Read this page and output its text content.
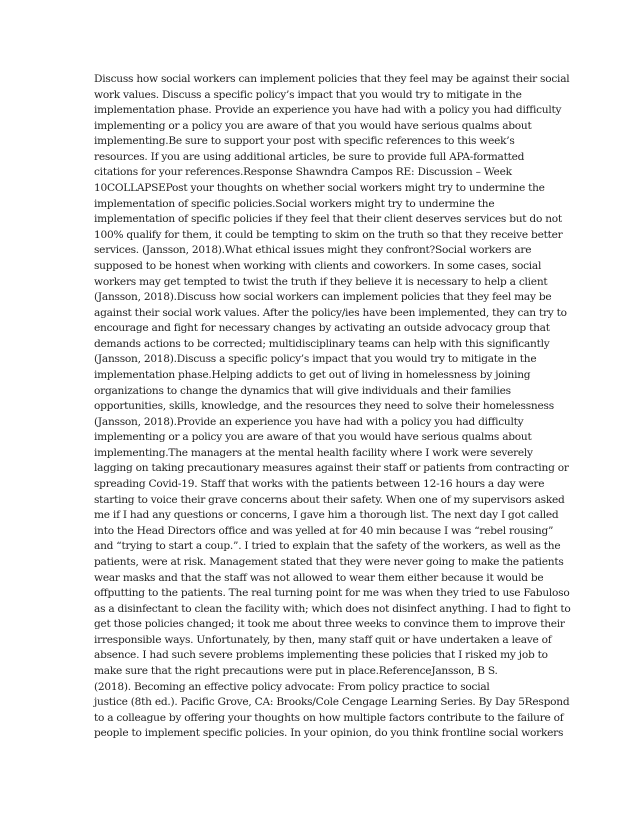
Discuss how social workers can implement policies that they feel may be against their social
work values. Discuss a specific policy’s impact that you would try to mitigate in the
implementation phase. Provide an experience you have had with a policy you had difficulty
implementing or a policy you are aware of that you would have serious qualms about
implementing.Be sure to support your post with specific references to this week’s
resources. If you are using additional articles, be sure to provide full APA-formatted
citations for your references.Response Shawndra Campos RE: Discussion – Week
10COLLAPSEPost your thoughts on whether social workers might try to undermine the
implementation of specific policies.Social workers might try to undermine the
implementation of specific policies if they feel that their client deserves services but do not
100% qualify for them, it could be tempting to skim on the truth so that they receive better
services. (Jansson, 2018).What ethical issues might they confront?Social workers are
supposed to be honest when working with clients and coworkers. In some cases, social
workers may get tempted to twist the truth if they believe it is necessary to help a client
(Jansson, 2018).Discuss how social workers can implement policies that they feel may be
against their social work values. After the policy/ies have been implemented, they can try to
encourage and fight for necessary changes by activating an outside advocacy group that
demands actions to be corrected; multidisciplinary teams can help with this significantly
(Jansson, 2018).Discuss a specific policy’s impact that you would try to mitigate in the
implementation phase.Helping addicts to get out of living in homelessness by joining
organizations to change the dynamics that will give individuals and their families
opportunities, skills, knowledge, and the resources they need to solve their homelessness
(Jansson, 2018).Provide an experience you have had with a policy you had difficulty
implementing or a policy you are aware of that you would have serious qualms about
implementing.The managers at the mental health facility where I work were severely
lagging on taking precautionary measures against their staff or patients from contracting or
spreading Covid-19. Staff that works with the patients between 12-16 hours a day were
starting to voice their grave concerns about their safety. When one of my supervisors asked
me if I had any questions or concerns, I gave him a thorough list. The next day I got called
into the Head Directors office and was yelled at for 40 min because I was “rebel rousing”
and “trying to start a coup.”. I tried to explain that the safety of the workers, as well as the
patients, were at risk. Management stated that they were never going to make the patients
wear masks and that the staff was not allowed to wear them either because it would be
offputting to the patients. The real turning point for me was when they tried to use Fabuloso
as a disinfectant to clean the facility with; which does not disinfect anything. I had to fight to
get those policies changed; it took me about three weeks to convince them to improve their
irresponsible ways. Unfortunately, by then, many staff quit or have undertaken a leave of
absence. I had such severe problems implementing these policies that I risked my job to
make sure that the right precautions were put in place.ReferenceJansson, B S.
(2018). Becoming an effective policy advocate: From policy practice to social
justice (8th ed.). Pacific Grove, CA: Brooks/Cole Cengage Learning Series. By Day 5Respond
to a colleague by offering your thoughts on how multiple factors contribute to the failure of
people to implement specific policies. In your opinion, do you think frontline social workers
